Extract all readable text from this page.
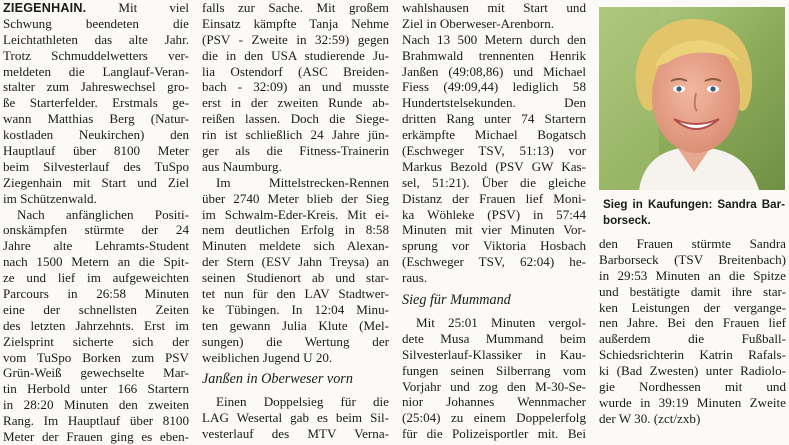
ZIEGENHAIN. Mit viel
Schwung beendeten die
Leichtathleten das alte Jahr.
Trotz Schmuddelwetters ver-
meldeten die Langlauf-Veran-
stalter zum Jahreswechsel gro-
ße Starterfelder. Erstmals ge-
wann Matthias Berg (Natur-
kostladen Neukirchen) den
Hauptlauf über 8100 Meter
beim Silvesterlauf des TuSpo
Ziegenhain mit Start und Ziel
im Schützenwald.
Nach anfänglichen Positi-
onskämpfen stürmte der 24
Jahre alte Lehramts-Student
nach 1500 Metern an die Spit-
ze und lief im aufgeweichten
Parcours in 26:58 Minuten
eine der schnellsten Zeiten
des letzten Jahrzehnts. Erst im
Zielsprint sicherte sich der
vom TuSpo Borken zum PSV
Grün-Weiß gewechselte Mar-
tin Herbold unter 166 Startern
in 28:20 Minuten den zweiten
Rang. Im Hauptlauf über 8100
Meter der Frauen ging es eben-
falls zur Sache. Mit großem
Einsatz kämpfte Tanja Nehme
(PSV - Zweite in 32:59) gegen
die in den USA studierende Ju-
lia Ostendorf (ASC Breiden-
bach - 32:09) an und musste
erst in der zweiten Runde ab-
reißen lassen. Doch die Siege-
rin ist schließlich 24 Jahre jün-
ger als die Fitness-Trainerin
aus Naumburg.
Im Mittelstrecken-Rennen
über 2740 Meter blieb der Sieg
im Schwalm-Eder-Kreis. Mit ei-
nem deutlichen Erfolg in 8:58
Minuten meldete sich Alexan-
der Stern (ESV Jahn Treysa) an
seinen Studienort ab und star-
tet nun für den LAV Stadtwer-
ke Tübingen. In 12:04 Minu-
ten gewann Julia Klute (Mel-
sungen) die Wertung der
weiblichen Jugend U 20.
Janßen in Oberweser vorn
Einen Doppelsieg für die
LAG Wesertal gab es beim Sil-
vesterlauf des MTV Verna-
wahlshausen mit Start und
Ziel in Oberweser-Arenborn.
Nach 13 500 Metern durch den
Brahmwald trennenten Henrik
Janßen (49:08,86) und Michael
Fiess (49:09,44) lediglich 58
Hundertstelsekunden. Den
dritten Rang unter 74 Startern
erkämpfte Michael Bogatsch
(Eschweger TSV, 51:13) vor
Markus Bezold (PSV GW Kas-
sel, 51:21). Über die gleiche
Distanz der Frauen lief Moni-
ka Wöhleke (PSV) in 57:44
Minuten mit vier Minuten Vor-
sprung vor Viktoria Hosbach
(Eschweger TSV, 62:04) he-
raus.
Sieg für Mummand
Mit 25:01 Minuten vergol-
dete Musa Mummand beim
Silvesterlauf-Klassiker in Kau-
fungen seinen Silberrang vom
Vorjahr und zog den M-30-Se-
nior Johannes Wennmacher
(25:04) zu einem Doppelerfolg
für die Polizeisportler mit. Bei
Sieg in Kaufungen: Sandra Bar-
borseck.
den Frauen stürmte Sandra
Barborseck (TSV Breitenbach)
in 29:53 Minuten an die Spitze
und bestätigte damit ihre star-
ken Leistungen der vergange-
nen Jahre. Bei den Frauen lief
außerdem die Fußball-
Schiedsrichterin Katrin Rafals-
ki (Bad Zwesten) unter Radiolo-
gie Nordhessen mit und
wurde in 39:19 Minuten Zweite
der W 30. (zct/zxb)
